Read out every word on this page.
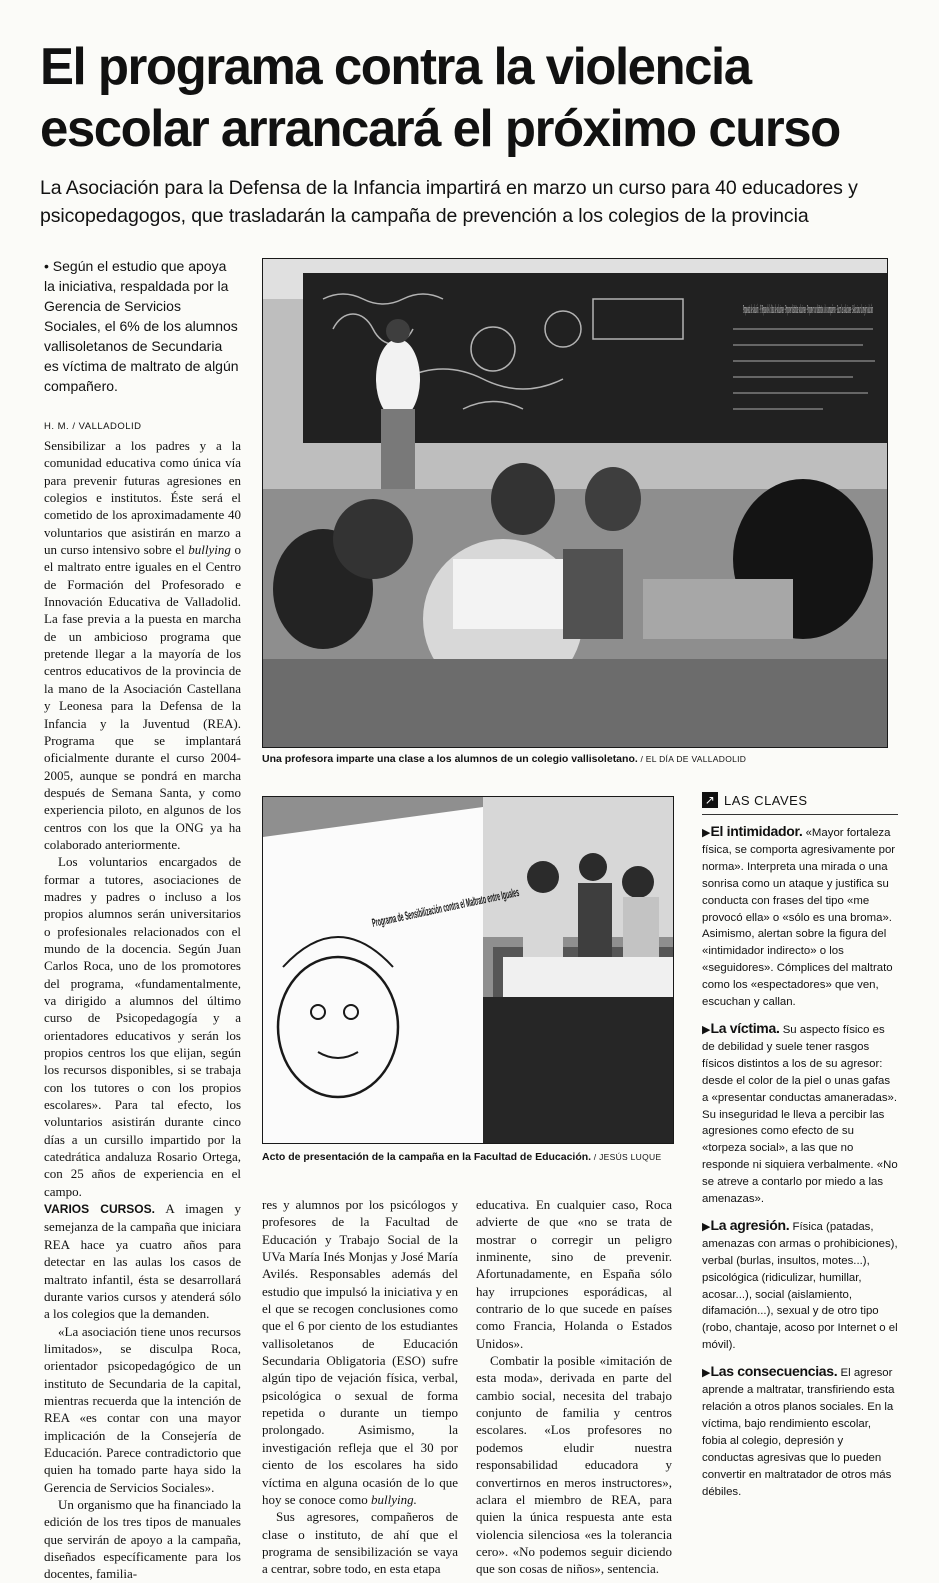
El programa contra la violencia escolar arrancará el próximo curso

La Asociación para la Defensa de la Infancia impartirá en marzo un curso para 40 educadores y psicopedagogos, que trasladarán la campaña de prevención a los colegios de la provincia

• Según el estudio que apoya la iniciativa, respaldada por la Gerencia de Servicios Sociales, el 6% de los alumnos vallisoletanos de Secundaria es víctima de maltrato de algún compañero.
H. M. / VALLADOLID

Sensibilizar a los padres y a la comunidad educativa como única vía para prevenir futuras agresiones en colegios e institutos. Éste será el cometido de los aproximadamente 40 voluntarios que asistirán en marzo a un curso intensivo sobre el bullying o el maltrato entre iguales en el Centro de Formación del Profesorado e Innovación Educativa de Valladolid. La fase previa a la puesta en marcha de un ambicioso programa que pretende llegar a la mayoría de los centros educativos de la provincia de la mano de la Asociación Castellana y Leonesa para la Defensa de la Infancia y la Juventud (REA). Programa que se implantará oficialmente durante el curso 2004-2005, aunque se pondrá en marcha después de Semana Santa, y como experiencia piloto, en algunos de los centros con los que la ONG ya ha colaborado anteriormente.

Los voluntarios encargados de formar a tutores, asociaciones de madres y padres o incluso a los propios alumnos serán universitarios o profesionales relacionados con el mundo de la docencia. Según Juan Carlos Roca, uno de los promotores del programa, «fundamentalmente, va dirigido a alumnos del último curso de Psicopedagogía y a orientadores educativos y serán los propios centros los que elijan, según los recursos disponibles, si se trabaja con los tutores o con los propios escolares». Para tal efecto, los voluntarios asistirán durante cinco días a un cursillo impartido por la catedrática andaluza Rosario Ortega, con 25 años de experiencia en el campo.

VARIOS CURSOS. A imagen y semejanza de la campaña que iniciara REA hace ya cuatro años para detectar en las aulas los casos de maltrato infantil, ésta se desarrollará durante varios cursos y atenderá sólo a los colegios que la demanden.

«La asociación tiene unos recursos limitados», se disculpa Roca, orientador psicopedagógico de un instituto de Secundaria de la capital, mientras recuerda que la intención de REA «es contar con una mayor implicación de la Consejería de Educación. Parece contradictorio que quien ha tomado parte haya sido la Gerencia de Servicios Sociales».

Un organismo que ha financiado la edición de los tres tipos de manuales que servirán de apoyo a la campaña, diseñados específicamente para los docentes, familia-

Propuesta de solución · 1ª Repaso de la lista de soluciones · Proponer distintas soluciones · Proponer con distintos a los compañeros · Sacar las soluciones · Seleccionar la mejor solución
Una profesora imparte una clase a los alumnos de un colegio vallisoletano. / EL DÍA DE VALLADOLID
Acto de presentación de la campaña en la Facultad de Educación. / JESÚS LUQUE

res y alumnos por los psicólogos y profesores de la Facultad de Educación y Trabajo Social de la UVa María Inés Monjas y José María Avilés. Responsables además del estudio que impulsó la iniciativa y en el que se recogen conclusiones como que el 6 por ciento de los estudiantes vallisoletanos de Educación Secundaria Obligatoria (ESO) sufre algún tipo de vejación física, verbal, psicológica o sexual de forma repetida o durante un tiempo prolongado. Asimismo, la investigación refleja que el 30 por ciento de los escolares ha sido víctima en alguna ocasión de lo que hoy se conoce como bullying.

Sus agresores, compañeros de clase o instituto, de ahí que el programa de sensibilización se vaya a centrar, sobre todo, en esta etapa

educativa. En cualquier caso, Roca advierte de que «no se trata de mostrar o corregir un peligro inminente, sino de prevenir. Afortunadamente, en España sólo hay irrupciones esporádicas, al contrario de lo que sucede en países como Francia, Holanda o Estados Unidos».

Combatir la posible «imitación de esta moda», derivada en parte del cambio social, necesita del trabajo conjunto de familia y centros escolares. «Los profesores no podemos eludir nuestra responsabilidad educadora y convertirnos en meros instructores», aclara el miembro de REA, para quien la única respuesta ante esta violencia silenciosa «es la tolerancia cero». «No podemos seguir diciendo que son cosas de niños», sentencia.

↗ LAS CLAVES
▶El intimidador. «Mayor fortaleza física, se comporta agresivamente por norma». Interpreta una mirada o una sonrisa como un ataque y justifica su conducta con frases del tipo «me provocó ella» o «sólo es una broma». Asimismo, alertan sobre la figura del «intimidador indirecto» o los «seguidores». Cómplices del maltrato como los «espectadores» que ven, escuchan y callan.
▶La víctima. Su aspecto físico es de debilidad y suele tener rasgos físicos distintos a los de su agresor: desde el color de la piel o unas gafas a «presentar conductas amaneradas». Su inseguridad le lleva a percibir las agresiones como efecto de su «torpeza social», a las que no responde ni siquiera verbalmente. «No se atreve a contarlo por miedo a las amenazas».
▶La agresión. Física (patadas, amenazas con armas o prohibiciones), verbal (burlas, insultos, motes...), psicológica (ridiculizar, humillar, acosar...), social (aislamiento, difamación...), sexual y de otro tipo (robo, chantaje, acoso por Internet o el móvil).
▶Las consecuencias. El agresor aprende a maltratar, transfiriendo esta relación a otros planos sociales. En la víctima, bajo rendimiento escolar, fobia al colegio, depresión y conductas agresivas que lo pueden convertir en maltratador de otros más débiles.
